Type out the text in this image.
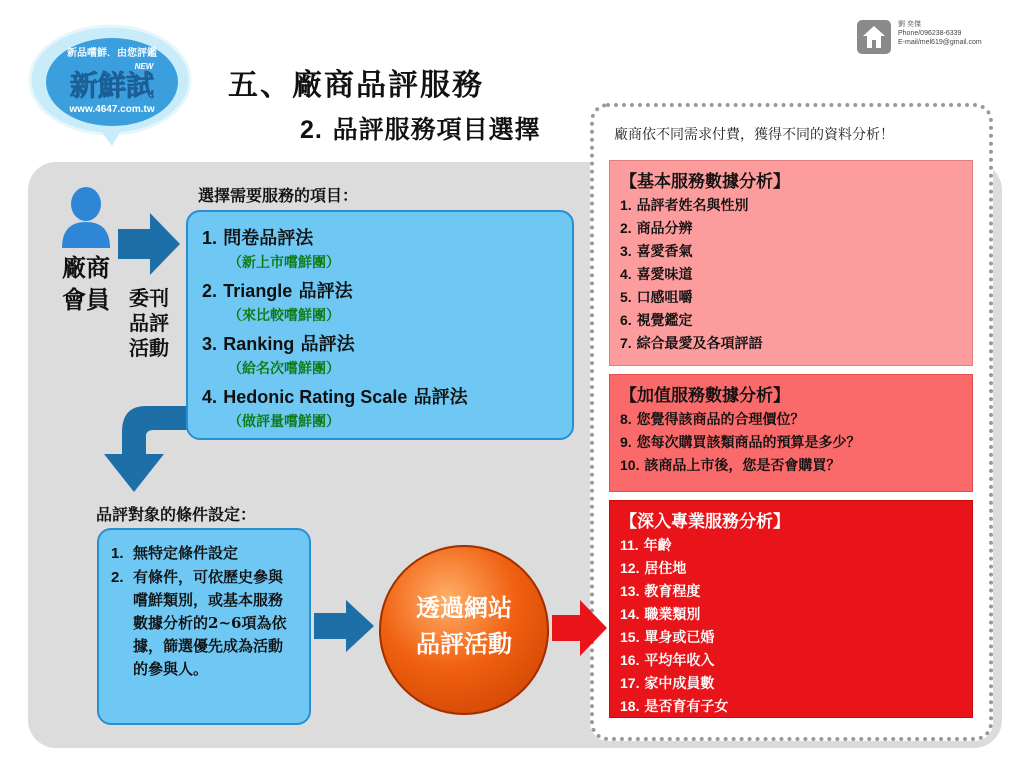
新品嚐鮮．由您評鑑
NEW
新鮮試
www.4647.com.tw
五、廠商品評服務
2. 品評服務項目選擇
劉 奕傑
Phone/096238-6339
E-mail/mel619@gmail.com
廠商依不同需求付費，獲得不同的資料分析！
廠商會員 委刊品評活動
選擇需要服務的項目：
1. 問卷品評法
（新上市嚐鮮團）
2. Triangle 品評法
（來比較嚐鮮團）
3. Ranking 品評法
（給名次嚐鮮團）
4. Hedonic Rating Scale 品評法
（做評量嚐鮮團）
品評對象的條件設定：
1. 無特定條件設定
2. 有條件，可依歷史參與嚐鮮類別，或基本服務數據分析的2~6項為依據，篩選優先成為活動的參與人。
透過網站
品評活動
【基本服務數據分析】
1. 品評者姓名與性別
2. 商品分辨
3. 喜愛香氣
4. 喜愛味道
5. 口感咀嚼
6. 視覺鑑定
7. 綜合最愛及各項評語
【加值服務數據分析】
8. 您覺得該商品的合理價位？
9. 您每次購買該類商品的預算是多少？
10. 該商品上市後，您是否會購買？
【深入專業服務分析】
11. 年齡
12. 居住地
13. 教育程度
14. 職業類別
15. 單身或已婚
16. 平均年收入
17. 家中成員數
18. 是否育有子女
